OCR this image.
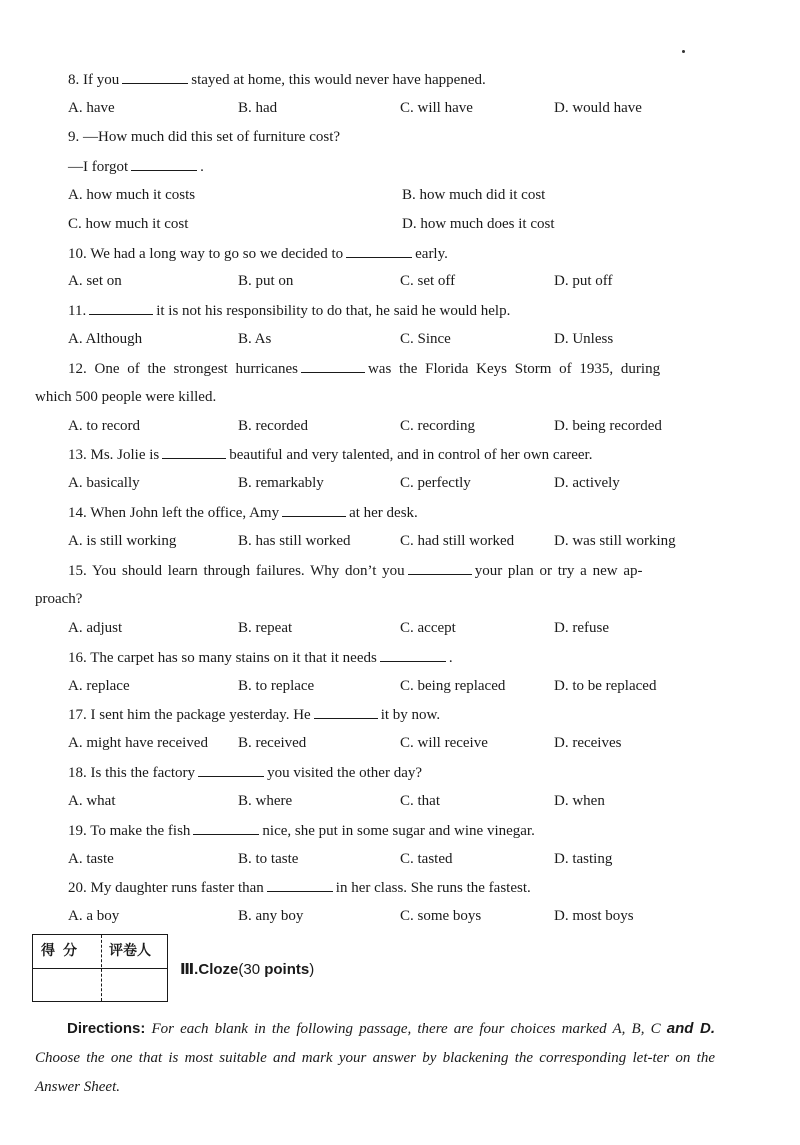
8. If you	stayed at home, this would never have happened.
A. have	B. had	C. will have	D. would have
9. —How much did this set of furniture cost?
—I forgot	.
A. how much it costs	B. how much did it cost
C. how much it cost	D. how much does it cost
10. We had a long way to go so we decided to	early.
A. set on	B. put on	C. set off	D. put off
11.	it is not his responsibility to do that, he said he would help.
A. Although	B. As	C. Since	D. Unless
12. One of the strongest hurricanes	was the Florida Keys Storm of 1935, during
which 500 people were killed.
A. to record	B. recorded	C. recording	D. being recorded
13. Ms. Jolie is	beautiful and very talented, and in control of her own career.
A. basically	B. remarkably	C. perfectly	D. actively
14. When John left the office, Amy	at her desk.
A. is still working	B. has still worked	C. had still worked	D. was still working
15. You should learn through failures. Why don’t you	your plan or try a new ap-
proach?
A. adjust	B. repeat	C. accept	D. refuse
16. The carpet has so many stains on it that it needs	.
A. replace	B. to replace	C. being replaced	D. to be replaced
17. I sent him the package yesterday. He	it by now.
A. might have received B. received	C. will receive	D. receives
18. Is this the factory	you visited the other day?
A. what	B. where	C. that	D. when
19. To make the fish	nice, she put in some sugar and wine vinegar.
A. taste	B. to taste	C. tasted	D. tasting
20. My daughter runs faster than	in her class. She runs the fastest.
A. a boy	B. any boy	C. some boys	D. most boys
得分 评卷人
Ⅲ.Cloze(30 points)
Directions: For each blank in the following passage, there are four choices marked A, B, C and D. Choose the one that is most suitable and mark your answer by blackening the corresponding let-ter on the Answer Sheet.
